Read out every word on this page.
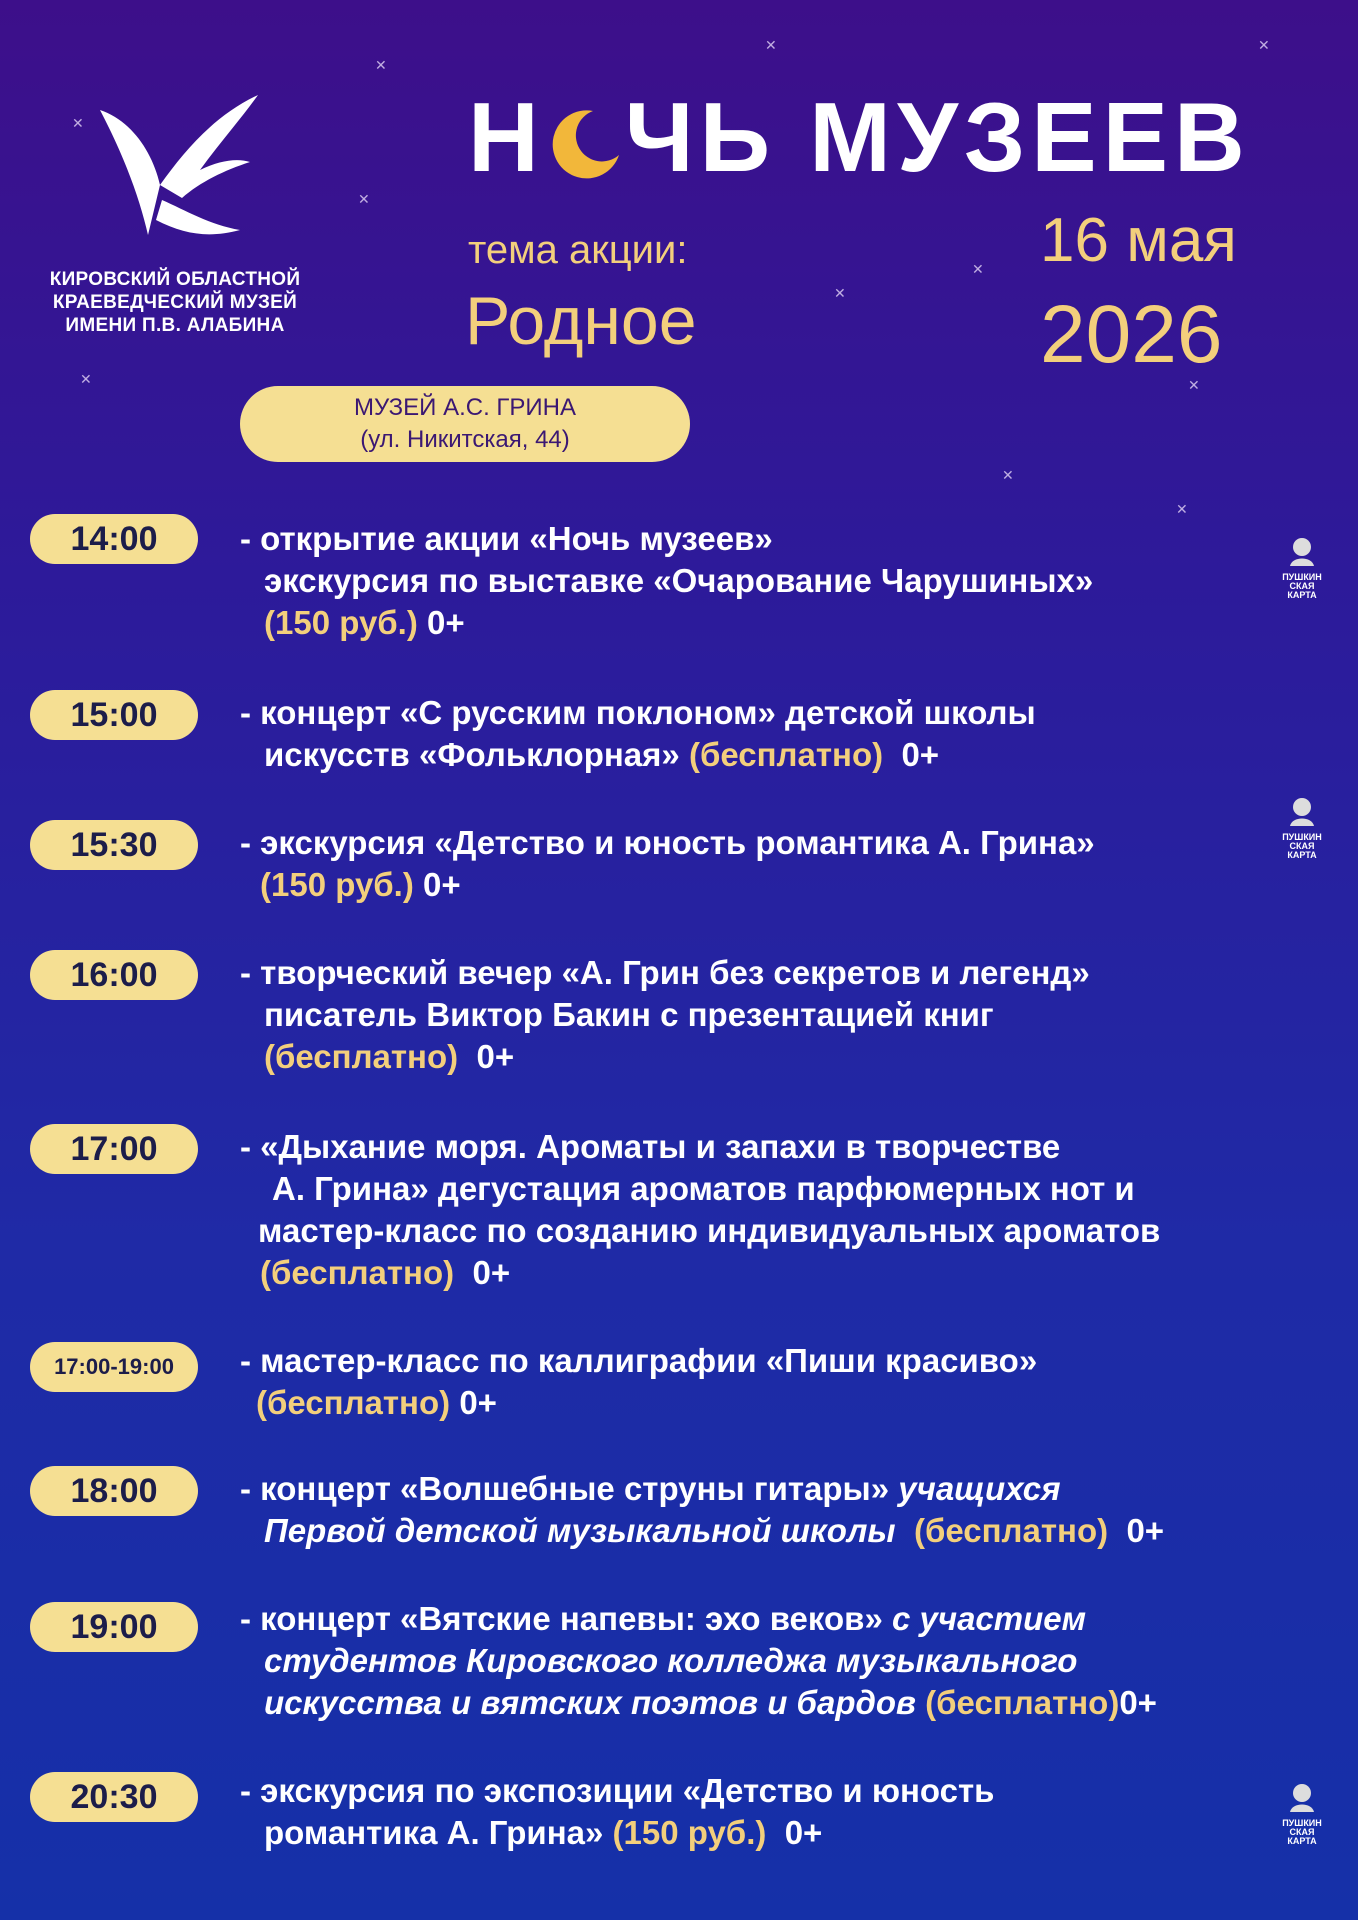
✕
✕	✕
✕
✕
✕
✕
✕	✕
✕
✕
КИРОВСКИЙ ОБЛАСТНОЙ
КРАЕВЕДЧЕСКИЙ МУЗЕЙ
ИМЕНИ П.В. АЛАБИНА
Н ЧЬ МУЗЕЕВ
тема акции:
Родное
16 мая
2026
МУЗЕЙ А.С. ГРИНА
(ул. Никитская, 44)
14:00	- открытие акции «Ночь музеев»
экскурсия по выставке «Очарование Чарушиных»
(150 руб.) 0+
ПУШКИН
СКАЯ
КАРТА
15:00	- концерт «С русским поклоном» детской школы
искусств «Фольклорная» (бесплатно) 0+
15:30	- экскурсия «Детство и юность романтика А. Грина»
(150 руб.) 0+
ПУШКИН
СКАЯ
КАРТА
16:00	- творческий вечер «А. Грин без секретов и легенд»
писатель Виктор Бакин с презентацией книг
(бесплатно) 0+
17:00	- «Дыхание моря. Ароматы и запахи в творчестве
А. Грина» дегустация ароматов парфюмерных нот и
мастер-класс по созданию индивидуальных ароматов
(бесплатно) 0+
17:00-19:00	- мастер-класс по каллиграфии «Пиши красиво»
(бесплатно) 0+
18:00	- концерт «Волшебные струны гитары» учащихся
Первой детской музыкальной школы (бесплатно) 0+
19:00	- концерт «Вятские напевы: эхо веков» с участием
студентов Кировского колледжа музыкального
искусства и вятских поэтов и бардов (бесплатно)0+
20:30	- экскурсия по экспозиции «Детство и юность
романтика А. Грина» (150 руб.) 0+	ПУШКИН
СКАЯ
КАРТА
